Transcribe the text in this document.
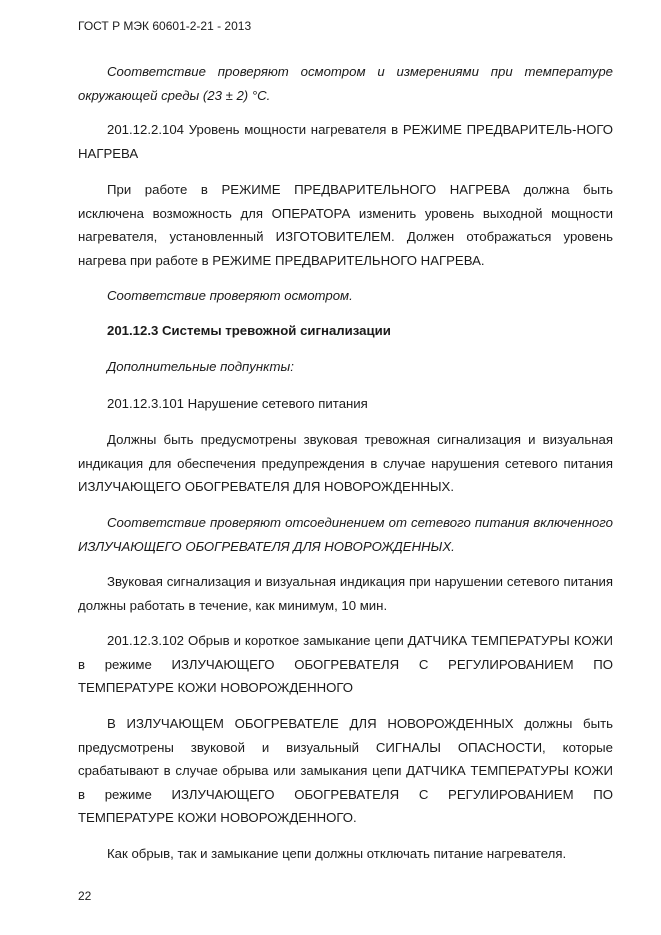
ГОСТ Р МЭК 60601-2-21 - 2013

Соответствие проверяют осмотром и измерениями при температуре окружающей среды (23 ± 2) °C.

201.12.2.104 Уровень мощности нагревателя в РЕЖИМЕ ПРЕДВАРИТЕЛЬ-НОГО НАГРЕВА

При работе в РЕЖИМЕ ПРЕДВАРИТЕЛЬНОГО НАГРЕВА должна быть исключена возможность для ОПЕРАТОРА изменить уровень выходной мощности нагревателя, установленный ИЗГОТОВИТЕЛЕМ. Должен отображаться уровень нагрева при работе в РЕЖИМЕ ПРЕДВАРИТЕЛЬНОГО НАГРЕВА.

Соответствие проверяют осмотром.

201.12.3 Системы тревожной сигнализации

Дополнительные подпункты:

201.12.3.101 Нарушение сетевого питания

Должны быть предусмотрены звуковая тревожная сигнализация и визуальная индикация для обеспечения предупреждения в случае нарушения сетевого питания ИЗЛУЧАЮЩЕГО ОБОГРЕВАТЕЛЯ ДЛЯ НОВОРОЖДЕННЫХ.

Соответствие проверяют отсоединением от сетевого питания включенного ИЗЛУЧАЮЩЕГО ОБОГРЕВАТЕЛЯ ДЛЯ НОВОРОЖДЕННЫХ.

Звуковая сигнализация и визуальная индикация при нарушении сетевого питания должны работать в течение, как минимум, 10 мин.

201.12.3.102 Обрыв и короткое замыкание цепи ДАТЧИКА ТЕМПЕРАТУРЫ КОЖИ в режиме ИЗЛУЧАЮЩЕГО ОБОГРЕВАТЕЛЯ С РЕГУЛИРОВАНИЕМ ПО ТЕМПЕРАТУРЕ КОЖИ НОВОРОЖДЕННОГО

В ИЗЛУЧАЮЩЕМ ОБОГРЕВАТЕЛЕ ДЛЯ НОВОРОЖДЕННЫХ должны быть предусмотрены звуковой и визуальный СИГНАЛЫ ОПАСНОСТИ, которые срабатывают в случае обрыва или замыкания цепи ДАТЧИКА ТЕМПЕРАТУРЫ КОЖИ в режиме ИЗЛУЧАЮЩЕГО ОБОГРЕВАТЕЛЯ С РЕГУЛИРОВАНИЕМ ПО ТЕМПЕРАТУРЕ КОЖИ НОВОРОЖДЕННОГО.

Как обрыв, так и замыкание цепи должны отключать питание нагревателя.

22
